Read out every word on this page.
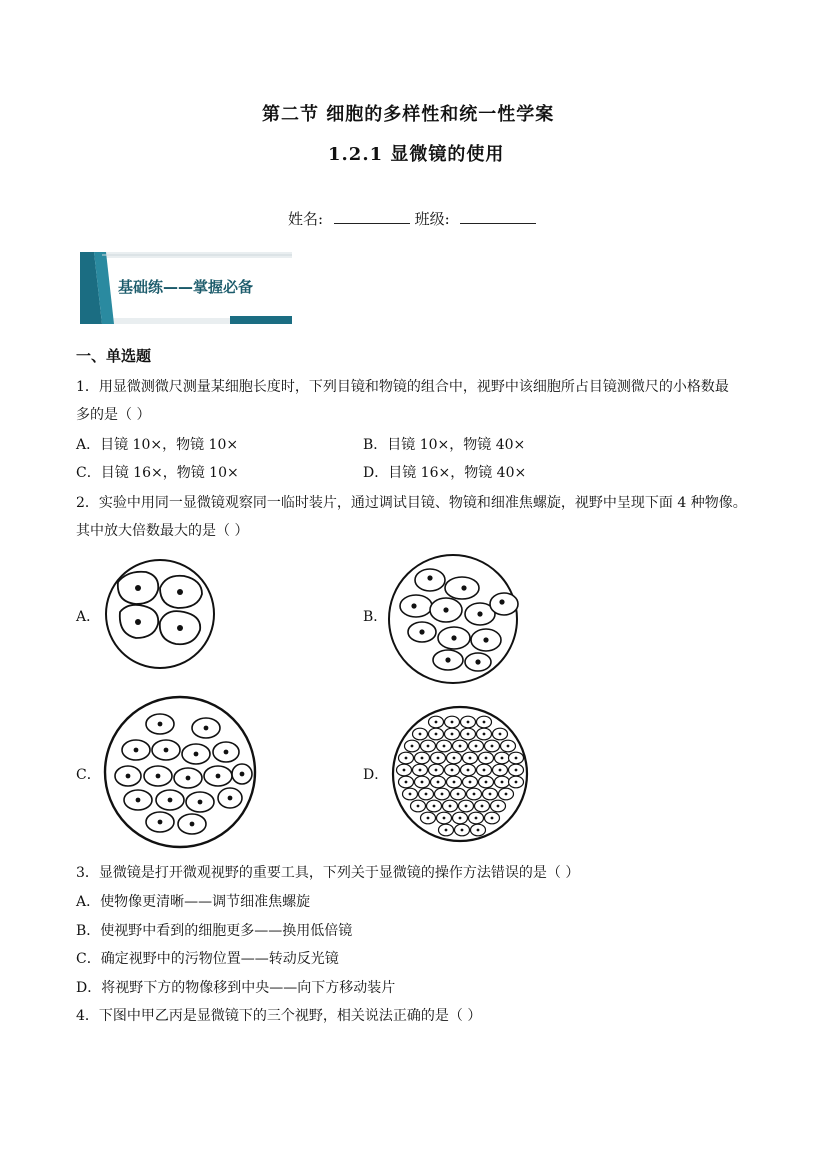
第二节 细胞的多样性和统一性学案
1.2.1 显微镜的使用
姓名:	班级:
基础练——掌握必备
一、单选题
1．用显微测微尺测量某细胞长度时，下列目镜和物镜的组合中，视野中该细胞所占目镜测微尺的小格数最
多的是（ ）
A．目镜 10×，物镜 10×	B．目镜 10×，物镜 40×
C．目镜 16×，物镜 10×	D．目镜 16×，物镜 40×
2．实验中用同一显微镜观察同一临时装片，通过调试目镜、物镜和细准焦螺旋，视野中呈现下面 4 种物像。
其中放大倍数最大的是（ ）
A．	B．
C．	D．
3．显微镜是打开微观视野的重要工具，下列关于显微镜的操作方法错误的是（ ）
A．使物像更清晰——调节细准焦螺旋
B．使视野中看到的细胞更多——换用低倍镜
C．确定视野中的污物位置——转动反光镜
D．将视野下方的物像移到中央——向下方移动装片
4．下图中甲乙丙是显微镜下的三个视野，相关说法正确的是（ ）
